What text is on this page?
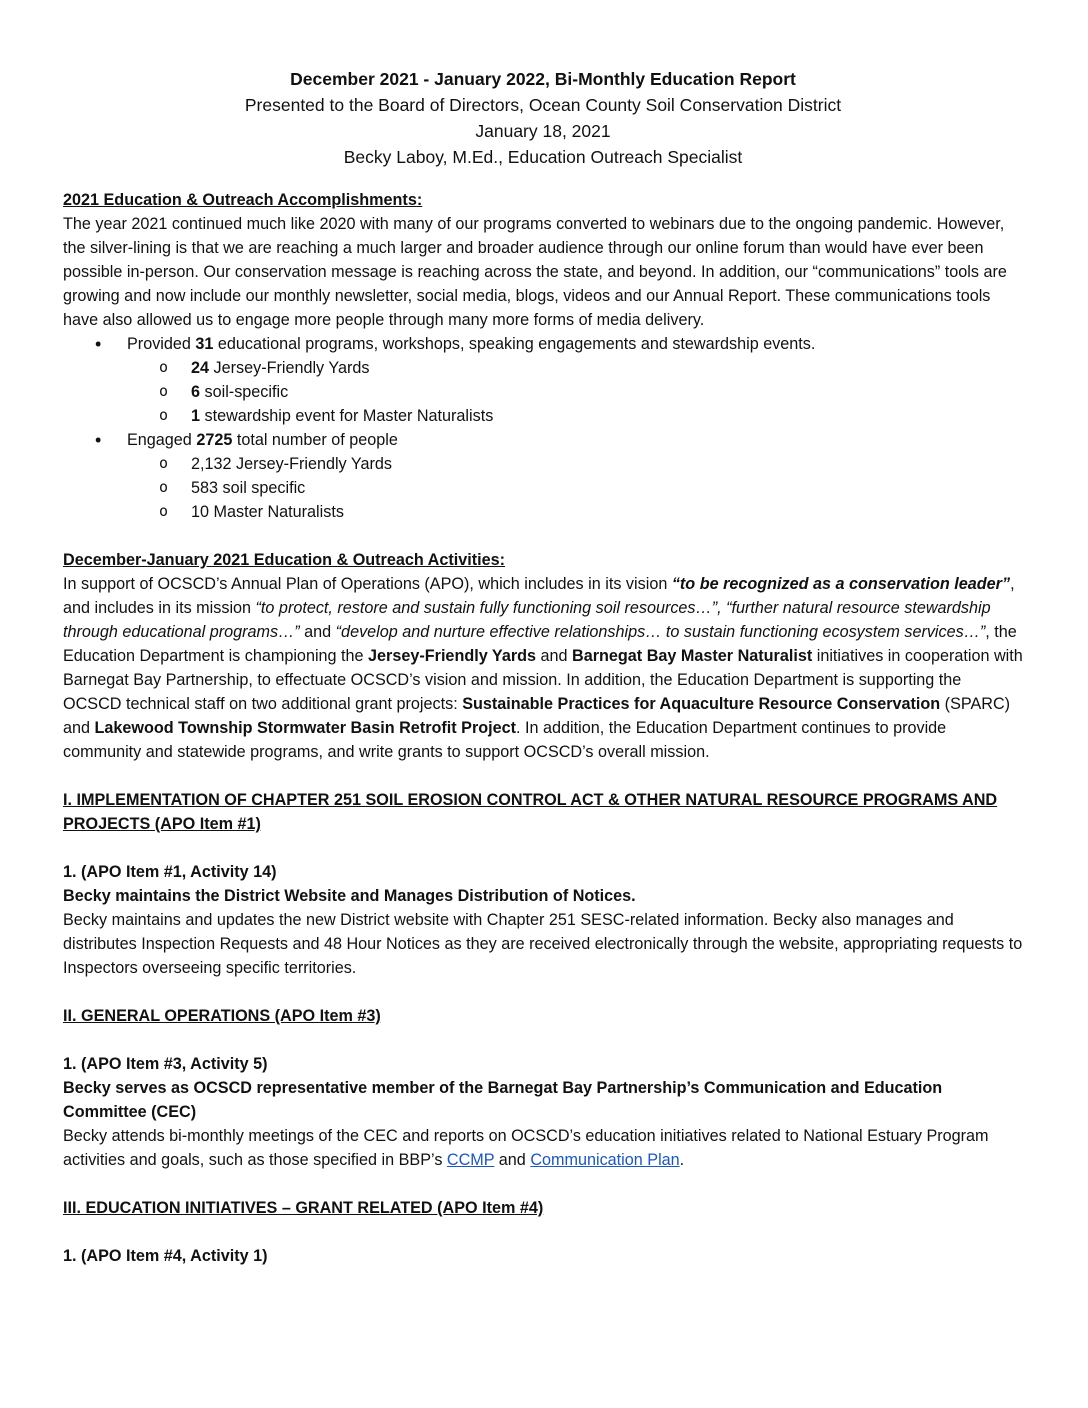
December 2021 - January 2022, Bi-Monthly Education Report
Presented to the Board of Directors, Ocean County Soil Conservation District
January 18, 2021
Becky Laboy, M.Ed., Education Outreach Specialist
2021 Education & Outreach Accomplishments:

The year 2021 continued much like 2020 with many of our programs converted to webinars due to the ongoing pandemic. However, the silver-lining is that we are reaching a much larger and broader audience through our online forum than would have ever been possible in-person. Our conservation message is reaching across the state, and beyond. In addition, our “communications” tools are growing and now include our monthly newsletter, social media, blogs, videos and our Annual Report. These communications tools have also allowed us to engage more people through many more forms of media delivery.

• Provided 31 educational programs, workshops, speaking engagements and stewardship events.
o 24 Jersey-Friendly Yards
o 6 soil-specific
o 1 stewardship event for Master Naturalists
• Engaged 2725 total number of people
o 2,132 Jersey-Friendly Yards
o 583 soil specific
o 10 Master Naturalists
December-January 2021 Education & Outreach Activities:

In support of OCSCD’s Annual Plan of Operations (APO), which includes in its vision “to be recognized as a conservation leader”, and includes in its mission “to protect, restore and sustain fully functioning soil resources…”, “further natural resource stewardship through educational programs…” and “develop and nurture effective relationships… to sustain functioning ecosystem services…”, the Education Department is championing the Jersey-Friendly Yards and Barnegat Bay Master Naturalist initiatives in cooperation with Barnegat Bay Partnership, to effectuate OCSCD’s vision and mission. In addition, the Education Department is supporting the OCSCD technical staff on two additional grant projects: Sustainable Practices for Aquaculture Resource Conservation (SPARC) and Lakewood Township Stormwater Basin Retrofit Project. In addition, the Education Department continues to provide community and statewide programs, and write grants to support OCSCD’s overall mission.

I. IMPLEMENTATION OF CHAPTER 251 SOIL EROSION CONTROL ACT & OTHER NATURAL RESOURCE PROGRAMS AND PROJECTS (APO Item #1)
1. (APO Item #1, Activity 14)
Becky maintains the District Website and Manages Distribution of Notices.

Becky maintains and updates the new District website with Chapter 251 SESC-related information. Becky also manages and distributes Inspection Requests and 48 Hour Notices as they are received electronically through the website, appropriating requests to Inspectors overseeing specific territories.

II. GENERAL OPERATIONS (APO Item #3)
1. (APO Item #3, Activity 5)
Becky serves as OCSCD representative member of the Barnegat Bay Partnership’s Communication and Education Committee (CEC)

Becky attends bi-monthly meetings of the CEC and reports on OCSCD’s education initiatives related to National Estuary Program activities and goals, such as those specified in BBP’s CCMP and Communication Plan.

III. EDUCATION INITIATIVES – GRANT RELATED (APO Item #4)
1. (APO Item #4, Activity 1)
